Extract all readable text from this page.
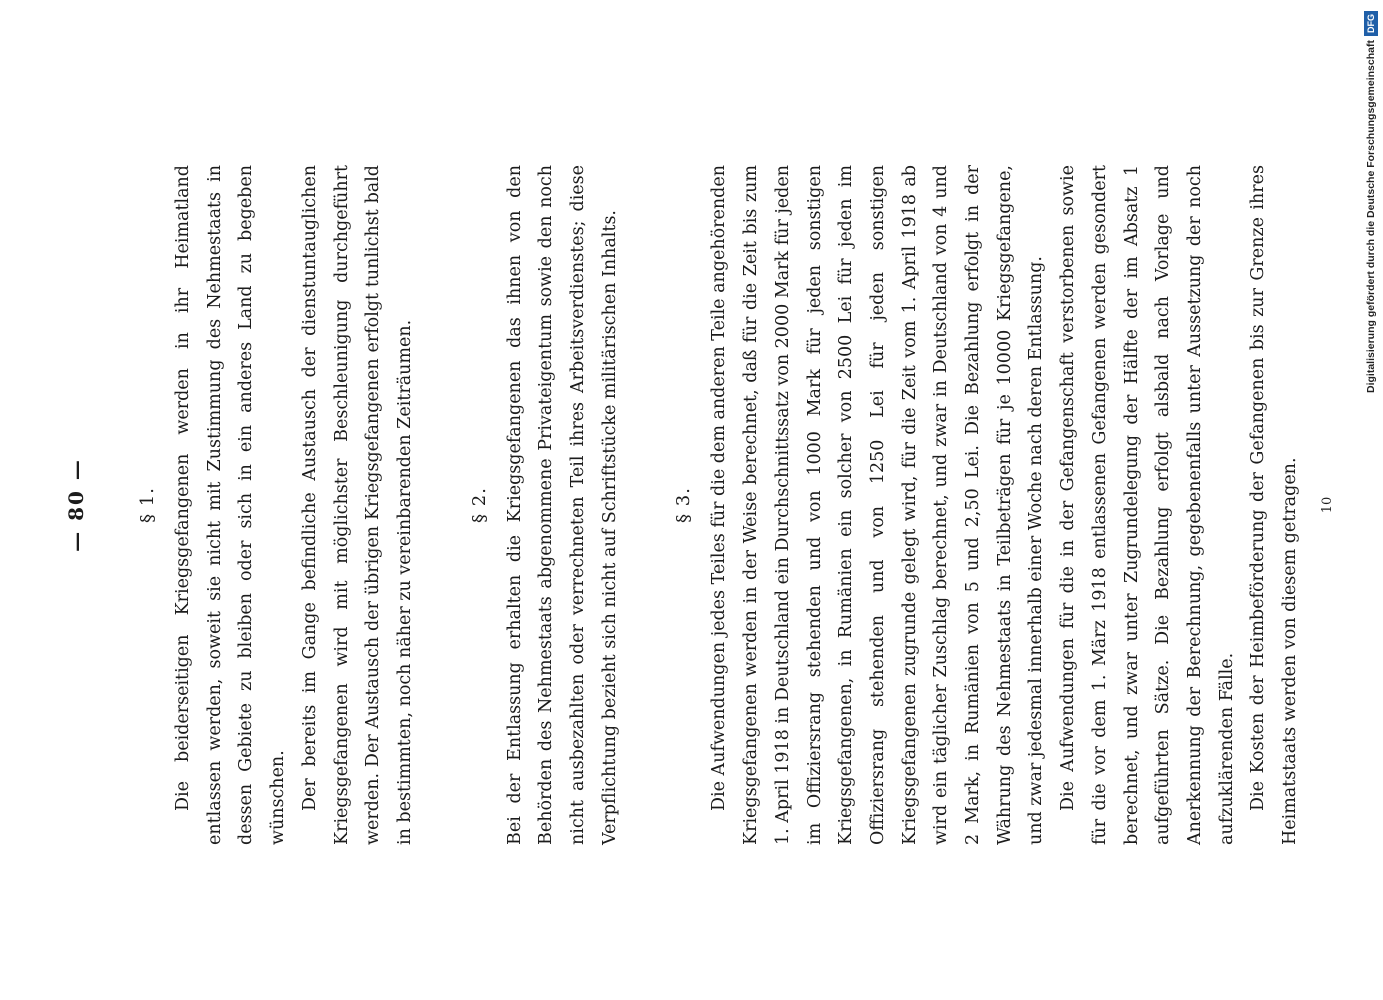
— 80 —	§ 1. Die beiderseitigen Kriegsgefangenen werden in ihr Heimatland entlassen werden, soweit sie nicht mit Zustimmung des Nehmestaats in dessen Gebiete zu bleiben oder sich in ein anderes Land zu begeben wünschen. Der bereits im Gange befindliche Austausch der dienstuntauglichen Kriegsgefangenen wird mit möglichster Beschleunigung durchgeführt werden. Der Austausch der übrigen Kriegsgefangenen erfolgt tunlichst bald in bestimmten, noch näher zu vereinbarenden Zeiträumen.	§ 2. Bei der Entlassung erhalten die Kriegsgefangenen das ihnen von den Behörden des Nehmestaats abgenommene Privateigentum sowie den noch nicht ausbezahlten oder verrechneten Teil ihres Arbeitsverdienstes; diese Verpflichtung bezieht sich nicht auf Schriftstücke militärischen Inhalts.	§ 3. Die Aufwendungen jedes Teiles für die dem anderen Teile angehörenden Kriegsgefangenen werden in der Weise berechnet, daß für die Zeit bis zum 1. April 1918 in Deutschland ein Durchschnittssatz von 2000 Mark für jeden im Offiziersrang stehenden und von 1000 Mark für jeden sonstigen Kriegsgefangenen, in Rumänien ein solcher von 2500 Lei für jeden im Offiziersrang stehenden und von 1250 Lei für jeden sonstigen Kriegsgefangenen zugrunde gelegt wird, für die Zeit vom 1. April 1918 ab wird ein täglicher Zuschlag berechnet, und zwar in Deutschland von 4 und 2 Mark, in Rumänien von 5 und 2,50 Lei. Die Bezahlung erfolgt in der Währung des Nehmestaats in Teilbeträgen für je 10000 Kriegsgefangene, und zwar jedesmal innerhalb einer Woche nach deren Entlassung. Die Aufwendungen für die in der Gefangenschaft verstorbenen sowie für die vor dem 1. März 1918 entlassenen Gefangenen werden gesondert berechnet, und zwar unter Zugrundelegung der Hälfte der im Absatz 1 aufgeführten Sätze. Die Bezahlung erfolgt alsbald nach Vorlage und Anerkennung der Berechnung, gegebenenfalls unter Aussetzung der noch aufzuklärenden Fälle. Die Kosten der Heimbeförderung der Gefangenen bis zur Grenze ihres Heimatstaats werden von diesem getragen.	10
Digitalisierung gefördert durch die Deutsche ForschungsgemeinschaftDFG
